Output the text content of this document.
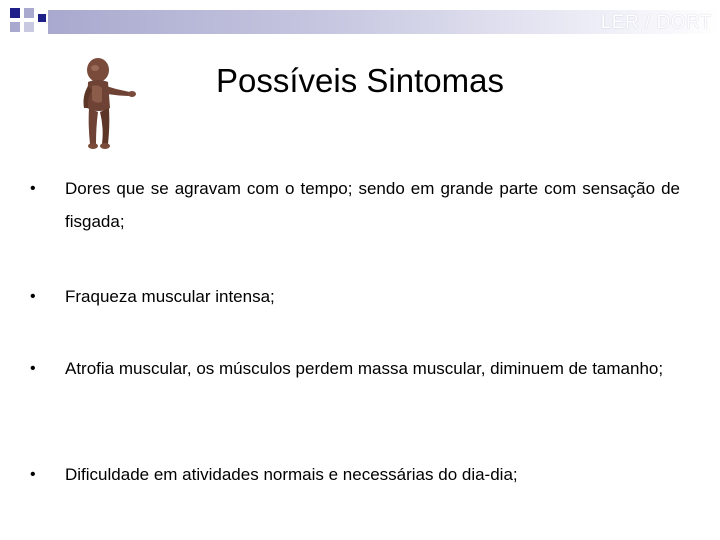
LER / DORT
Possíveis Sintomas
• Dores que se agravam com o tempo; sendo em grande parte com sensação de fisgada;
• Fraqueza muscular intensa;
• Atrofia muscular, os músculos perdem massa muscular, diminuem de tamanho;
• Dificuldade em atividades normais e necessárias do dia-dia;
